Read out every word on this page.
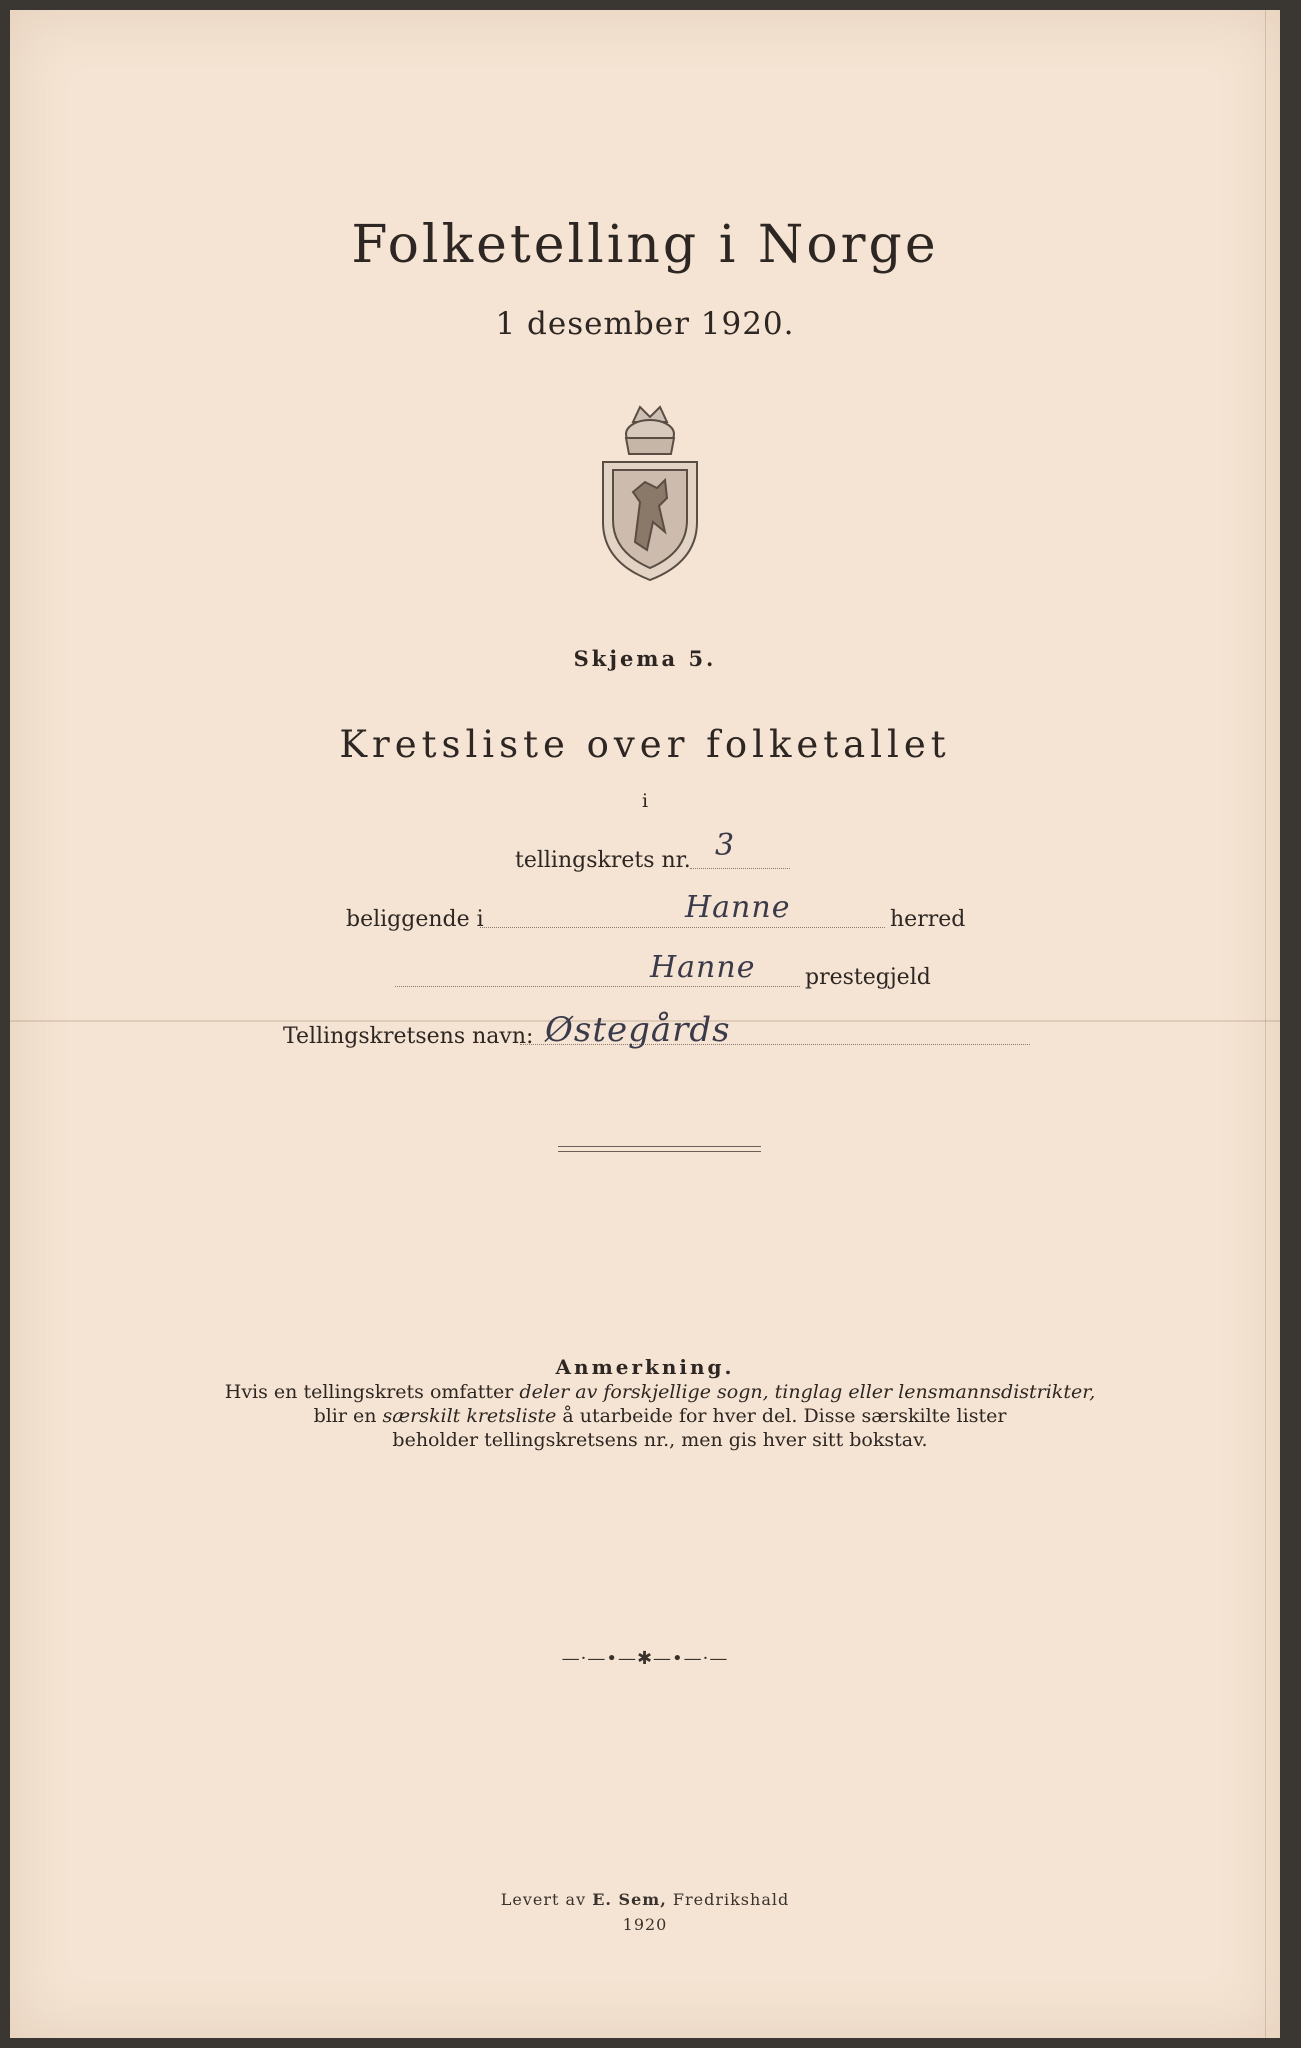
Folketelling i Norge
1 desember 1920.
Skjema 5.
Kretsliste over folketallet
i
tellingskrets nr. 3
beliggende i	Hanne	herred
Hanne prestegjeld
Tellingskretsens navn: Østegårds
Anmerkning.
Hvis en tellingskrets omfatter deler av forskjellige sogn, tinglag eller lensmannsdistrikter,
blir en særskilt kretsliste å utarbeide for hver del. Disse særskilte lister
beholder tellingskretsens nr., men gis hver sitt bokstav.
—·—•—✱—•—·—
Levert av E. Sem, Fredrikshald
1920
